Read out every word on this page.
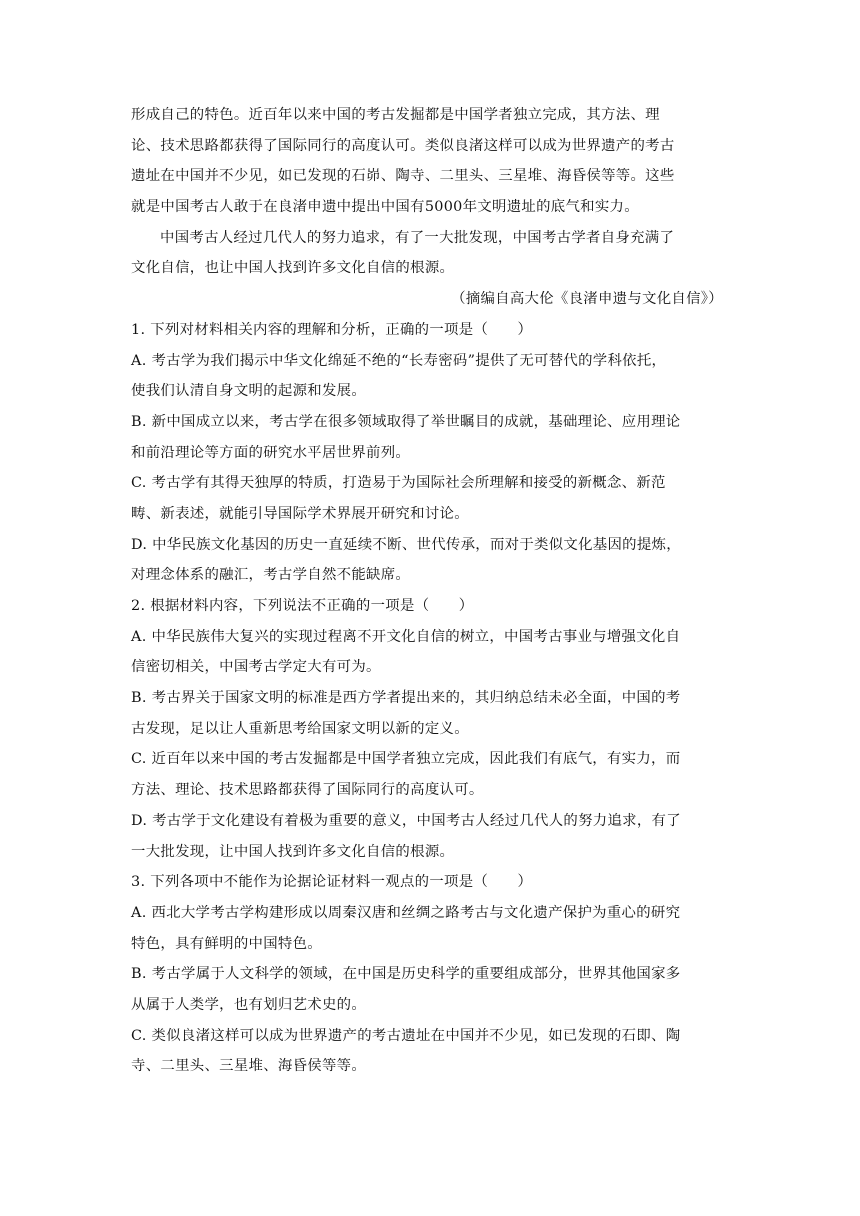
形成自己的特色。近百年以来中国的考古发掘都是中国学者独立完成，其方法、理
论、技术思路都获得了国际同行的高度认可。类似良渚这样可以成为世界遗产的考古
遗址在中国并不少见，如已发现的石峁、陶寺、二里头、三星堆、海昏侯等等。这些
就是中国考古人敢于在良渚申遗中提出中国有5000年文明遗址的底气和实力。
中国考古人经过几代人的努力追求，有了一大批发现，中国考古学者自身充满了
文化自信，也让中国人找到许多文化自信的根源。
（摘编自高大伦《良渚申遗与文化自信》）
1. 下列对材料相关内容的理解和分析，正确的一项是（　　）
A. 考古学为我们揭示中华文化绵延不绝的“长寿密码”提供了无可替代的学科依托，
使我们认清自身文明的起源和发展。
B. 新中国成立以来，考古学在很多领域取得了举世瞩目的成就，基础理论、应用理论
和前沿理论等方面的研究水平居世界前列。
C. 考古学有其得天独厚的特质，打造易于为国际社会所理解和接受的新概念、新范
畴、新表述，就能引导国际学术界展开研究和讨论。
D. 中华民族文化基因的历史一直延续不断、世代传承，而对于类似文化基因的提炼，
对理念体系的融汇，考古学自然不能缺席。
2. 根据材料内容，下列说法不正确的一项是（　　）
A. 中华民族伟大复兴的实现过程离不开文化自信的树立，中国考古事业与增强文化自
信密切相关，中国考古学定大有可为。
B. 考古界关于国家文明的标准是西方学者提出来的，其归纳总结未必全面，中国的考
古发现，足以让人重新思考给国家文明以新的定义。
C. 近百年以来中国的考古发掘都是中国学者独立完成，因此我们有底气，有实力，而
方法、理论、技术思路都获得了国际同行的高度认可。
D. 考古学于文化建设有着极为重要的意义，中国考古人经过几代人的努力追求，有了
一大批发现，让中国人找到许多文化自信的根源。
3. 下列各项中不能作为论据论证材料一观点的一项是（　　）
A. 西北大学考古学构建形成以周秦汉唐和丝绸之路考古与文化遗产保护为重心的研究
特色，具有鲜明的中国特色。
B. 考古学属于人文科学的领域，在中国是历史科学的重要组成部分，世界其他国家多
从属于人类学，也有划归艺术史的。
C. 类似良渚这样可以成为世界遗产的考古遗址在中国并不少见，如已发现的石即、陶
寺、二里头、三星堆、海昏侯等等。
